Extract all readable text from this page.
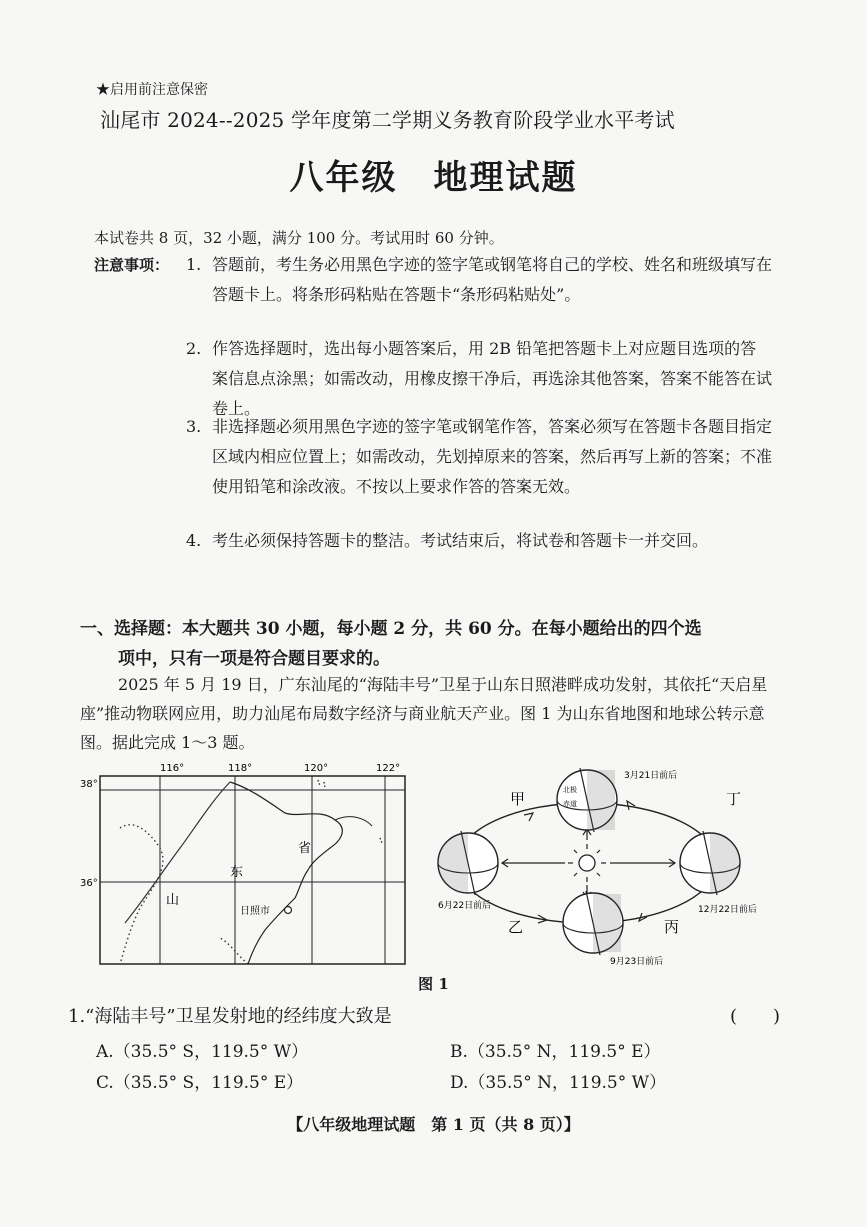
★启用前注意保密
汕尾市 2024--2025 学年度第二学期义务教育阶段学业水平考试
八年级　地理试题
本试卷共 8 页，32 小题，满分 100 分。考试用时 60 分钟。
注意事项： 1. 答题前，考生务必用黑色字迹的签字笔或钢笔将自己的学校、姓名和班级填写在答题卡上。将条形码粘贴在答题卡“条形码粘贴处”。
2. 作答选择题时，选出每小题答案后，用 2B 铅笔把答题卡上对应题目选项的答案信息点涂黑；如需改动，用橡皮擦干净后，再选涂其他答案，答案不能答在试卷上。
3. 非选择题必须用黑色字迹的签字笔或钢笔作答，答案必须写在答题卡各题目指定区域内相应位置上；如需改动，先划掉原来的答案，然后再写上新的答案；不准使用铅笔和涂改液。不按以上要求作答的答案无效。
4. 考生必须保持答题卡的整洁。考试结束后，将试卷和答题卡一并交回。
一、选择题：本大题共 30 小题，每小题 2 分，共 60 分。在每小题给出的四个选
项中，只有一项是符合题目要求的。
2025 年 5 月 19 日，广东汕尾的“海陆丰号”卫星于山东日照港畔成功发射，其依托“天启星座”推动物联网应用，助力汕尾布局数字经济与商业航天产业。图 1 为山东省地图和地球公转示意图。据此完成 1～3 题。
116°	118°	120°	122°
38°
36°
山
东
省
日照市
北极
赤道
甲	丁
乙	丙
3月21日前后
6月22日前后	12月22日前后
9月23日前后
图 1
1.“海陆丰号”卫星发射地的经纬度大致是	(　　)
A.（35.5° S，119.5° W）	B.（35.5° N，119.5° E）
C.（35.5° S，119.5° E）	D.（35.5° N，119.5° W）
【八年级地理试题　第 1 页（共 8 页）】
